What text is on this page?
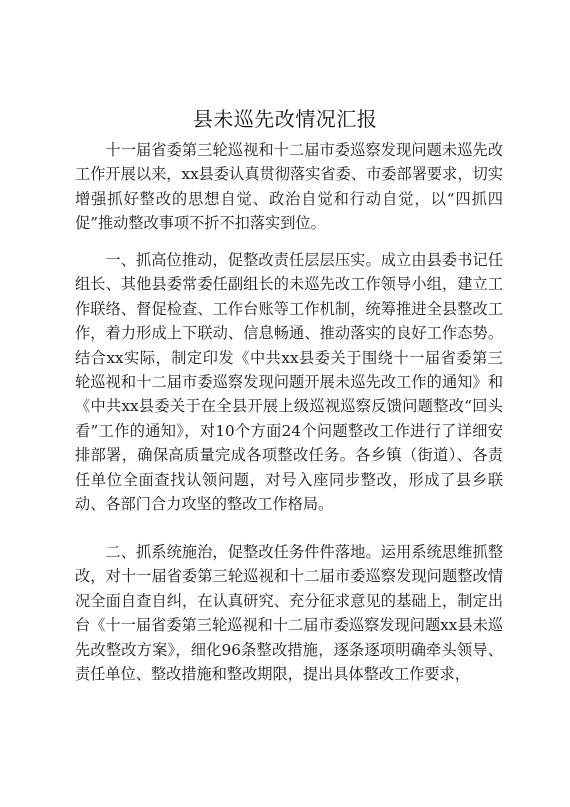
县未巡先改情况汇报

十一届省委第三轮巡视和十二届市委巡察发现问题未巡先改工作开展以来，xx县委认真贯彻落实省委、市委部署要求，切实增强抓好整改的思想自觉、政治自觉和行动自觉，以“四抓四促”推动整改事项不折不扣落实到位。

一、抓高位推动，促整改责任层层压实。成立由县委书记任组长、其他县委常委任副组长的未巡先改工作领导小组，建立工作联络、督促检查、工作台账等工作机制，统筹推进全县整改工作，着力形成上下联动、信息畅通、推动落实的良好工作态势。结合xx实际，制定印发《中共xx县委关于围绕十一届省委第三轮巡视和十二届市委巡察发现问题开展未巡先改工作的通知》和《中共xx县委关于在全县开展上级巡视巡察反馈问题整改“回头看”工作的通知》，对10个方面24个问题整改工作进行了详细安排部署，确保高质量完成各项整改任务。各乡镇（街道）、各责任单位全面查找认领问题，对号入座同步整改，形成了县乡联动、各部门合力攻坚的整改工作格局。

二、抓系统施治，促整改任务件件落地。运用系统思维抓整改，对十一届省委第三轮巡视和十二届市委巡察发现问题整改情况全面自查自纠，在认真研究、充分征求意见的基础上，制定出台《十一届省委第三轮巡视和十二届市委巡察发现问题xx县未巡先改整改方案》，细化96条整改措施，逐条逐项明确牵头领导、责任单位、整改措施和整改期限，提出具体整改工作要求，
